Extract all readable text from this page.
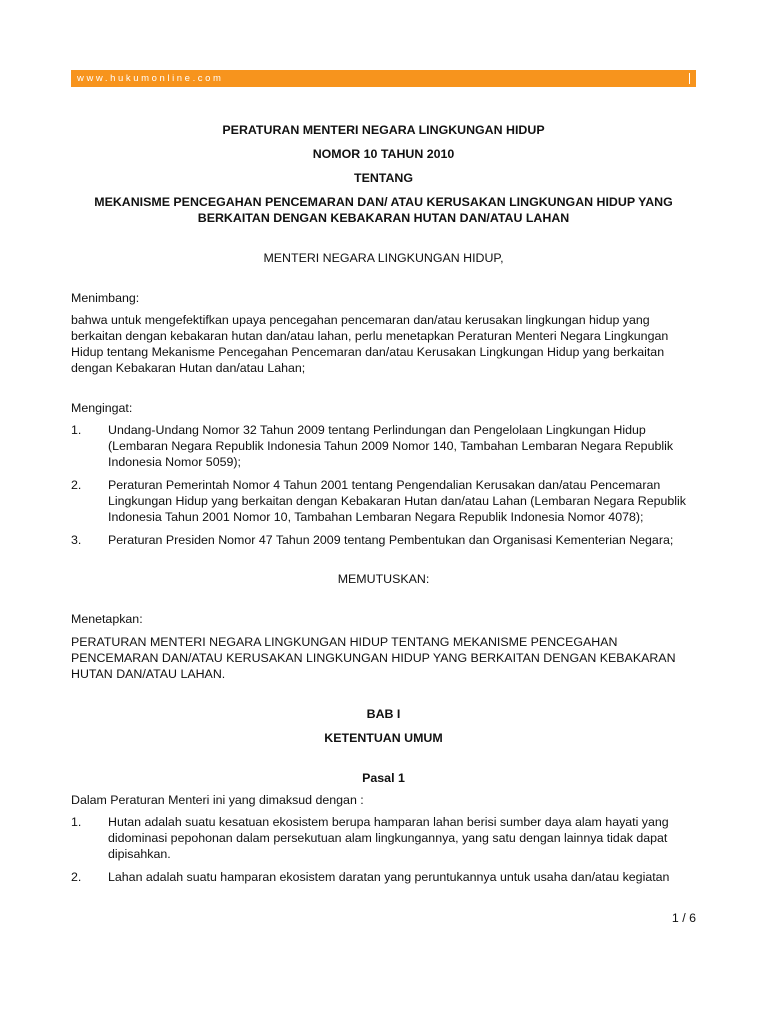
www.hukumonline.com

PERATURAN MENTERI NEGARA LINGKUNGAN HIDUP

NOMOR 10 TAHUN 2010

TENTANG

MEKANISME PENCEGAHAN PENCEMARAN DAN/ ATAU KERUSAKAN LINGKUNGAN HIDUP YANG

BERKAITAN DENGAN KEBAKARAN HUTAN DAN/ATAU LAHAN

MENTERI NEGARA LINGKUNGAN HIDUP,

Menimbang:

bahwa untuk mengefektifkan upaya pencegahan pencemaran dan/atau kerusakan lingkungan hidup yang berkaitan dengan kebakaran hutan dan/atau lahan, perlu menetapkan Peraturan Menteri Negara Lingkungan Hidup tentang Mekanisme Pencegahan Pencemaran dan/atau Kerusakan Lingkungan Hidup yang berkaitan dengan Kebakaran Hutan dan/atau Lahan;

Mengingat:

1. Undang-Undang Nomor 32 Tahun 2009 tentang Perlindungan dan Pengelolaan Lingkungan Hidup (Lembaran Negara Republik Indonesia Tahun 2009 Nomor 140, Tambahan Lembaran Negara Republik Indonesia Nomor 5059);
2. Peraturan Pemerintah Nomor 4 Tahun 2001 tentang Pengendalian Kerusakan dan/atau Pencemaran Lingkungan Hidup yang berkaitan dengan Kebakaran Hutan dan/atau Lahan (Lembaran Negara Republik Indonesia Tahun 2001 Nomor 10, Tambahan Lembaran Negara Republik Indonesia Nomor 4078);
3. Peraturan Presiden Nomor 47 Tahun 2009 tentang Pembentukan dan Organisasi Kementerian Negara;

MEMUTUSKAN:

Menetapkan:

PERATURAN MENTERI NEGARA LINGKUNGAN HIDUP TENTANG MEKANISME PENCEGAHAN PENCEMARAN DAN/ATAU KERUSAKAN LINGKUNGAN HIDUP YANG BERKAITAN DENGAN KEBAKARAN HUTAN DAN/ATAU LAHAN.

BAB I

KETENTUAN UMUM

Pasal 1

Dalam Peraturan Menteri ini yang dimaksud dengan :

1. Hutan adalah suatu kesatuan ekosistem berupa hamparan lahan berisi sumber daya alam hayati yang didominasi pepohonan dalam persekutuan alam lingkungannya, yang satu dengan lainnya tidak dapat dipisahkan.
2. Lahan adalah suatu hamparan ekosistem daratan yang peruntukannya untuk usaha dan/atau kegiatan
1 / 6
